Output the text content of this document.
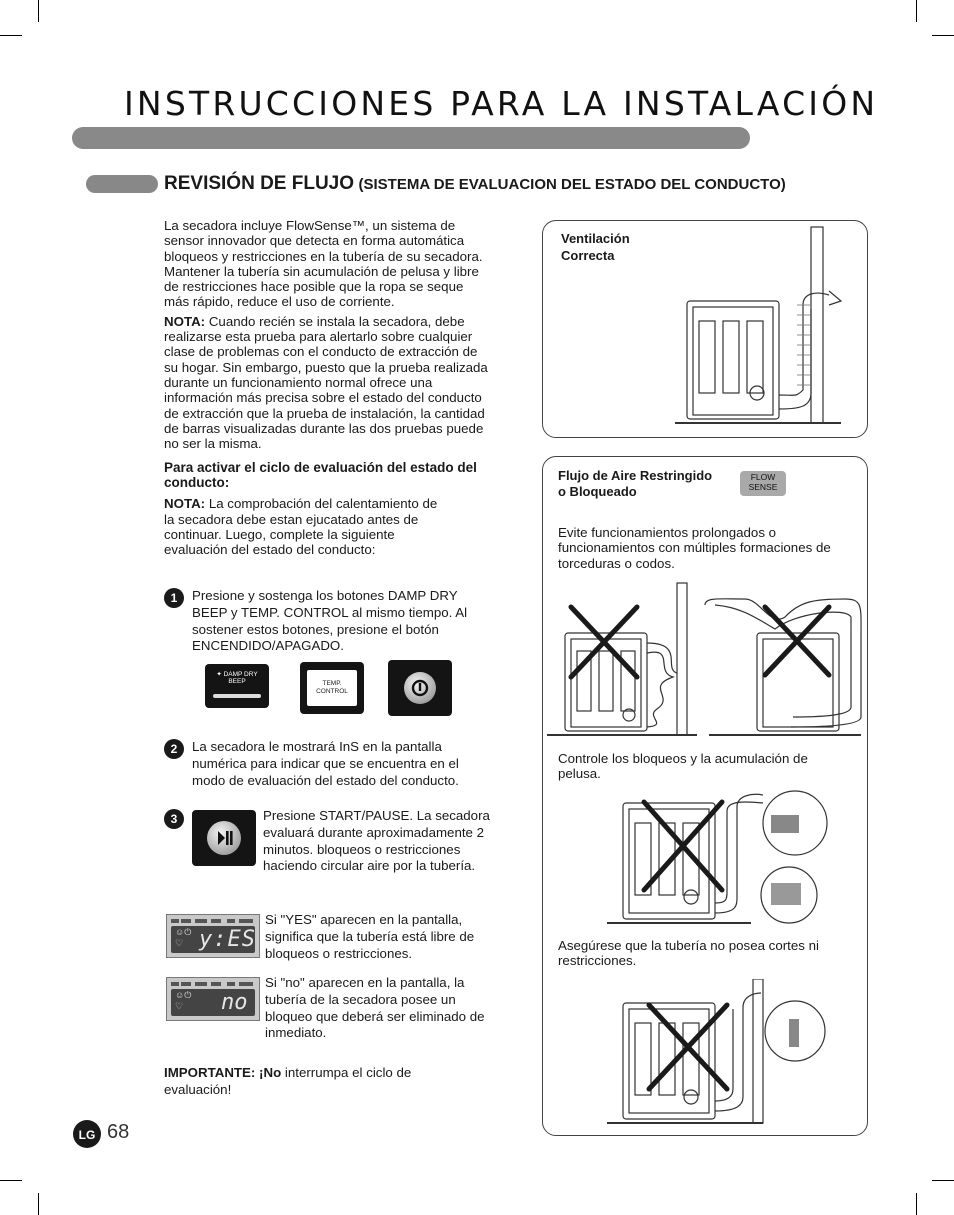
INSTRUCCIONES PARA LA INSTALACIÓN
REVISIÓN DE FLUJO (SISTEMA DE EVALUACION DEL ESTADO DEL CONDUCTO)

La secadora incluye FlowSense™, un sistema de sensor innovador que detecta en forma automática bloqueos y restricciones en la tubería de su secadora. Mantener la tubería sin acumulación de pelusa y libre de restricciones hace posible que la ropa se seque más rápido, reduce el uso de corriente.

NOTA: Cuando recién se instala la secadora, debe realizarse esta prueba para alertarlo sobre cualquier clase de problemas con el conducto de extracción de su hogar. Sin embargo, puesto que la prueba realizada durante un funcionamiento normal ofrece una información más precisa sobre el estado del conducto de extracción que la prueba de instalación, la cantidad de barras visualizadas durante las dos pruebas puede no ser la misma.

Para activar el ciclo de evaluación del estado del conducto:

NOTA: La comprobación del calentamiento de la secadora debe estan ejucatado antes de continuar. Luego, complete la siguiente evaluación del estado del conducto:

1	Presione y sostenga los botones DAMP DRY BEEP y TEMP. CONTROL al mismo tiempo. Al sostener estos botones, presione el botón ENCENDIDO/APAGADO.

✦ DAMP DRY
BEEP	TEMP.
CONTROL
2	La secadora le mostrará InS en la pantalla numérica para indicar que se encuentra en el modo de evaluación del estado del conducto.

3	Presione START/PAUSE. La secadora evaluará durante aproximadamente 2 minutos. bloqueos o restricciones haciendo circular aire por la tubería.

☺⏻
♡ y:ES

Si "YES" aparecen en la pantalla, significa que la tubería está libre de bloqueos o restricciones.

☺⏻
♡	no

Si "no" aparecen en la pantalla, la tubería de la secadora posee un bloqueo que deberá ser eliminado de inmediato.

IMPORTANTE: ¡No interrumpa el ciclo de evaluación!

LG 68
Ventilación
Correcta
Flujo de Aire Restringido
o Bloqueado
FLOW
SENSE

Evite funcionamientos prolongados o funcionamientos con múltiples formaciones de torceduras o codos.

Controle los bloqueos y la acumulación de pelusa.

Asegúrese que la tubería no posea cortes ni restricciones.
